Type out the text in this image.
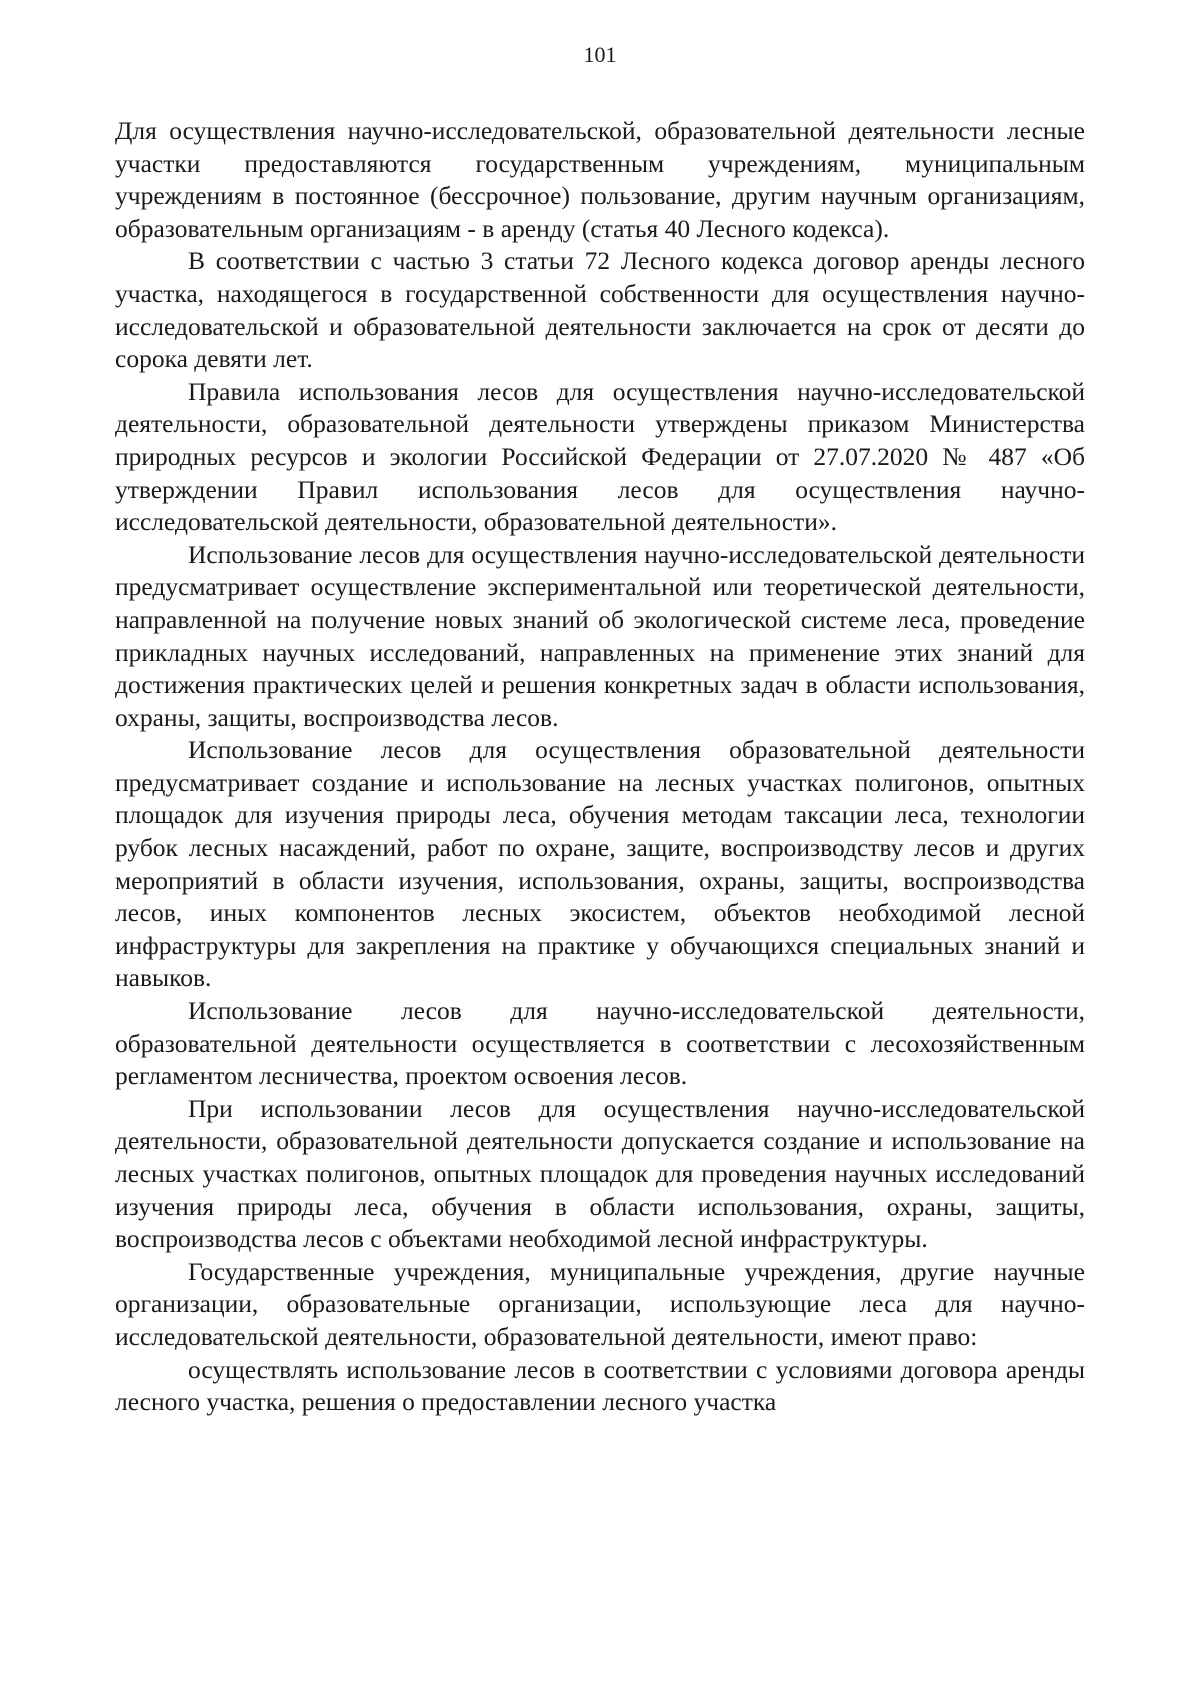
101

Для осуществления научно-исследовательской, образовательной деятельности лесные участки предоставляются государственным учреждениям, муниципальным учреждениям в постоянное (бессрочное) пользование, другим научным организациям, образовательным организациям - в аренду (статья 40 Лесного кодекса).

В соответствии с частью 3 статьи 72 Лесного кодекса договор аренды лесного участка, находящегося в государственной собственности для осуществления научно-исследовательской и образовательной деятельности заключается на срок от десяти до сорока девяти лет.

Правила использования лесов для осуществления научно-исследовательской деятельности, образовательной деятельности утверждены приказом Министерства природных ресурсов и экологии Российской Федерации от 27.07.2020 № 487 «Об утверждении Правил использования лесов для осуществления научно-исследовательской деятельности, образовательной деятельности».

Использование лесов для осуществления научно-исследовательской деятельности предусматривает осуществление экспериментальной или теоретической деятельности, направленной на получение новых знаний об экологической системе леса, проведение прикладных научных исследований, направленных на применение этих знаний для достижения практических целей и решения конкретных задач в области использования, охраны, защиты, воспроизводства лесов.

Использование лесов для осуществления образовательной деятельности предусматривает создание и использование на лесных участках полигонов, опытных площадок для изучения природы леса, обучения методам таксации леса, технологии рубок лесных насаждений, работ по охране, защите, воспроизводству лесов и других мероприятий в области изучения, использования, охраны, защиты, воспроизводства лесов, иных компонентов лесных экосистем, объектов необходимой лесной инфраструктуры для закрепления на практике у обучающихся специальных знаний и навыков.

Использование лесов для научно-исследовательской деятельности, образовательной деятельности осуществляется в соответствии с лесохозяйственным регламентом лесничества, проектом освоения лесов.

При использовании лесов для осуществления научно-исследовательской деятельности, образовательной деятельности допускается создание и использование на лесных участках полигонов, опытных площадок для проведения научных исследований изучения природы леса, обучения в области использования, охраны, защиты, воспроизводства лесов с объектами необходимой лесной инфраструктуры.

Государственные учреждения, муниципальные учреждения, другие научные организации, образовательные организации, использующие леса для научно-исследовательской деятельности, образовательной деятельности, имеют право:

осуществлять использование лесов в соответствии с условиями договора аренды лесного участка, решения о предоставлении лесного участка
